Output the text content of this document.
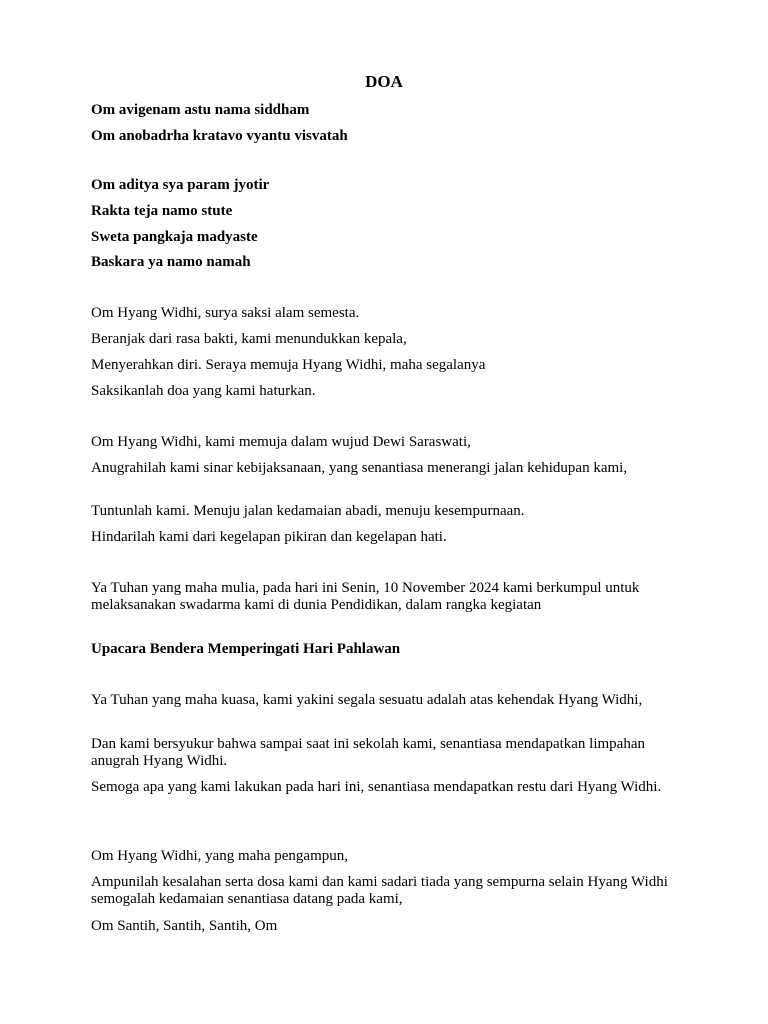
DOA

Om avigenam astu nama siddham

Om anobadrha kratavo vyantu visvatah

Om aditya sya param jyotir

Rakta teja namo stute

Sweta pangkaja madyaste

Baskara ya namo namah

Om Hyang Widhi, surya saksi alam semesta.

Beranjak dari rasa bakti, kami menundukkan kepala,

Menyerahkan diri. Seraya memuja Hyang Widhi, maha segalanya

Saksikanlah doa yang kami haturkan.

Om Hyang Widhi, kami memuja dalam wujud Dewi Saraswati,

Anugrahilah kami sinar kebijaksanaan, yang senantiasa menerangi jalan kehidupan kami,

Tuntunlah kami. Menuju jalan kedamaian abadi, menuju kesempurnaan.

Hindarilah kami dari kegelapan pikiran dan kegelapan hati.

Ya Tuhan yang maha mulia, pada hari ini Senin, 10 November 2024 kami berkumpul untuk melaksanakan swadarma kami di dunia Pendidikan, dalam rangka kegiatan

Upacara Bendera Memperingati Hari Pahlawan

Ya Tuhan yang maha kuasa, kami yakini segala sesuatu adalah atas kehendak Hyang Widhi,

Dan kami bersyukur bahwa sampai saat ini sekolah kami, senantiasa mendapatkan limpahan anugrah Hyang Widhi.

Semoga apa yang kami lakukan pada hari ini, senantiasa mendapatkan restu dari Hyang Widhi.

Om Hyang Widhi, yang maha pengampun,

Ampunilah kesalahan serta dosa kami dan kami sadari tiada yang sempurna selain Hyang Widhi semogalah kedamaian senantiasa datang pada kami,

Om Santih, Santih, Santih, Om
